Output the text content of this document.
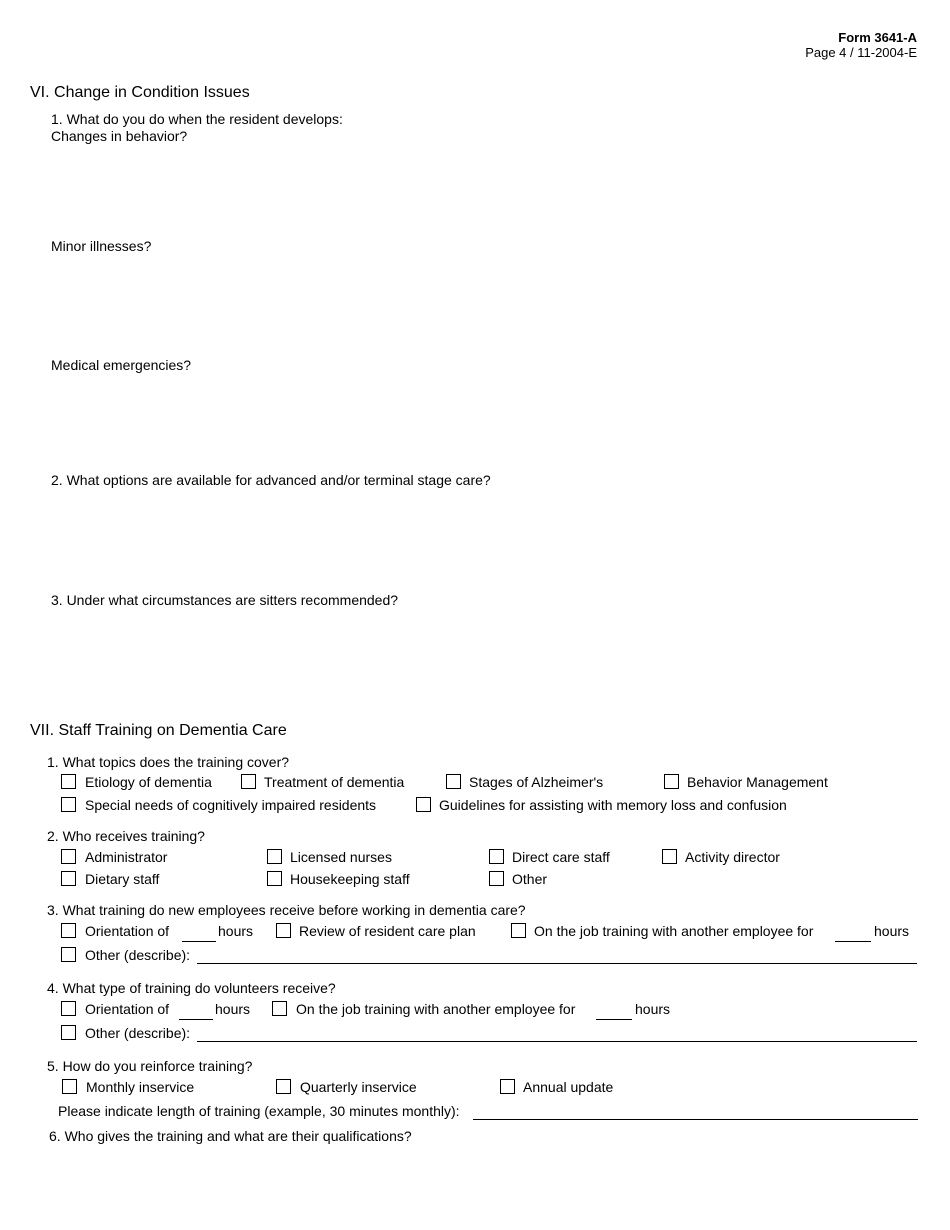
Form 3641-A
Page 4 / 11-2004-E
VI. Change in Condition Issues
1. What do you do when the resident develops:
Changes in behavior?
Minor illnesses?
Medical emergencies?
2. What options are available for advanced and/or terminal stage care?
3. Under what circumstances are sitters recommended?
VII. Staff Training on Dementia Care
1. What topics does the training cover?
Etiology of dementia	Treatment of dementia	Stages of Alzheimer's	Behavior Management
Special needs of cognitively impaired residents	Guidelines for assisting with memory loss and confusion
2. Who receives training?
Administrator	Licensed nurses	Direct care staff	Activity director
Dietary staff	Housekeeping staff	Other
3. What training do new employees receive before working in dementia care?
Orientation of	hours	Review of resident care plan	On the job training with another employee for	hours
Other (describe):
4. What type of training do volunteers receive?
Orientation of	hours	On the job training with another employee for	hours
Other (describe):
5. How do you reinforce training?
Monthly inservice	Quarterly inservice	Annual update
Please indicate length of training (example, 30 minutes monthly):
6. Who gives the training and what are their qualifications?
